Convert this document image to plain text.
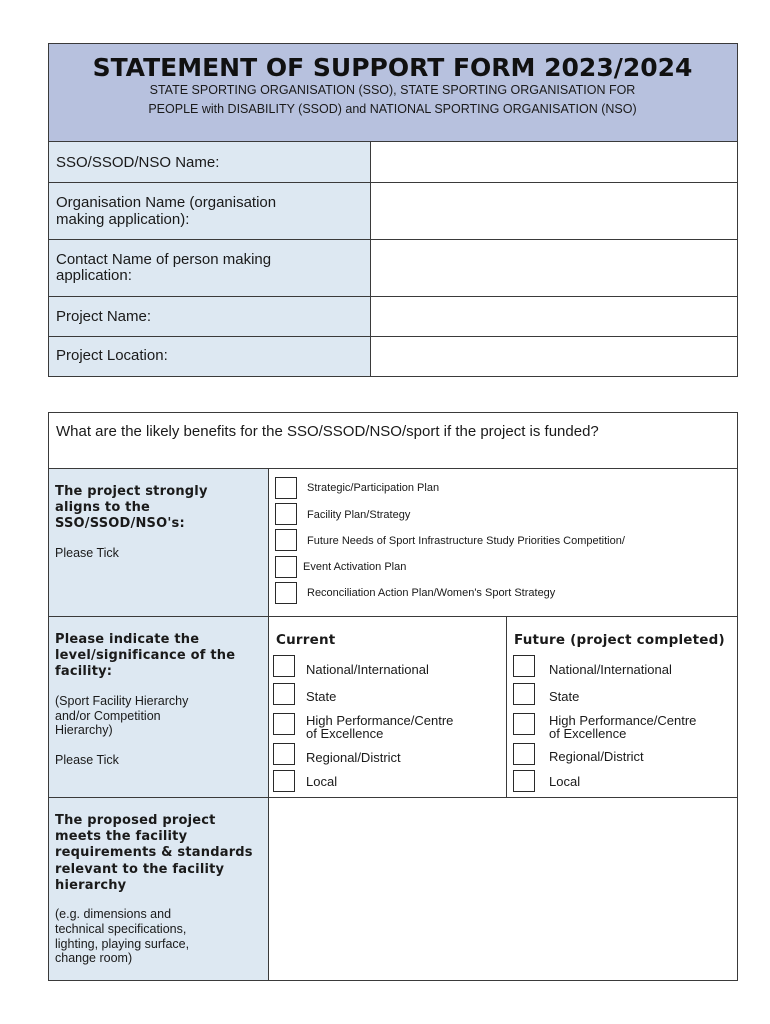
STATEMENT OF SUPPORT FORM 2023/2024
STATE SPORTING ORGANISATION (SSO), STATE SPORTING ORGANISATION FOR
PEOPLE with DISABILITY (SSOD) and NATIONAL SPORTING ORGANISATION (NSO)
SSO/SSOD/NSO Name:
Organisation Name (organisation
making application):
Contact Name of person making
application:
Project Name:
Project Location:
What are the likely benefits for the SSO/SSOD/NSO/sport if the project is funded?
The project strongly
aligns to the
SSO/SSOD/NSO's:
Please Tick
Strategic/Participation Plan
Facility Plan/Strategy
Future Needs of Sport Infrastructure Study Priorities Competition/
Event Activation Plan
Reconciliation Action Plan/Women's Sport Strategy
Please indicate the
level/significance of the
facility:
(Sport Facility Hierarchy
and/or Competition
Hierarchy)
Please Tick
Current
National/International
State
High Performance/Centre
of Excellence
Regional/District
Local
Future (project completed)
National/International
State
High Performance/Centre
of Excellence
Regional/District
Local
The proposed project
meets the facility
requirements & standards
relevant to the facility
hierarchy
(e.g. dimensions and
technical specifications,
lighting, playing surface,
change room)
